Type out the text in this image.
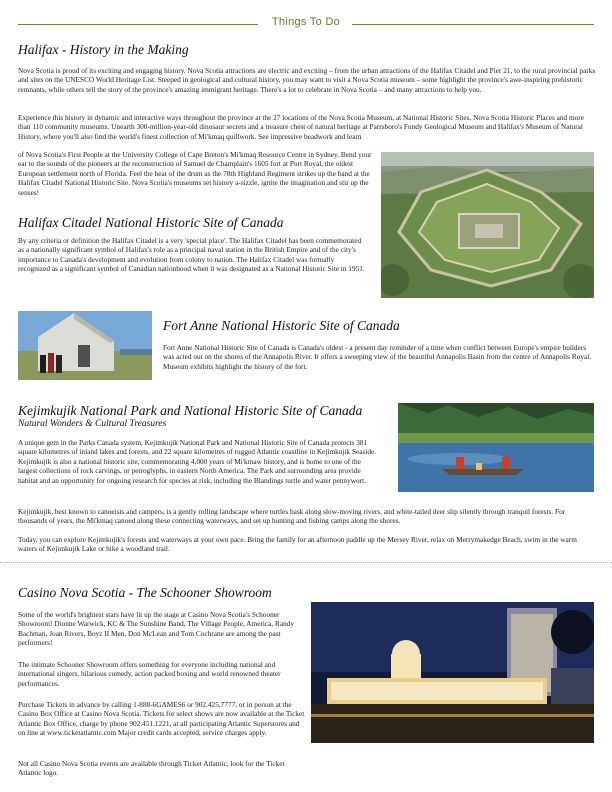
Things To Do
Halifax - History in the Making

Nova Scotia is proud of its exciting and engaging history. Nova Scotia attractions are electric and exciting – from the urban attractions of the Halifax Citadel and Pier 21, to the rural provincial parks and sites on the UNESCO World Heritage List. Steeped in geological and cultural history, you may want to visit a Nova Scotia museum – some highlight the province's awe-inspiring prehistoric remnants, while others tell the story of the province's amazing immigrant heritage. There's a lot to celebrate in Nova Scotia – and many attractions to help you.

Experience this history in dynamic and interactive ways throughout the province at the 27 locations of the Nova Scotia Museum, at National Historic Sites, Nova Scotia Historic Places and more than 110 community museums. Unearth 300-million-year-old dinosaur secrets and a treasure chest of natural heritage at Parrsboro's Fundy Geological Museum and Halifax's Museum of Natural History, where you'll also find the world's finest collection of Mi'kmaq quillwork. See impressive beadwork and learn

of Nova Scotia's First People at the University College of Cape Breton's Mi'kmaq Resource Centre in Sydney. Bend your ear to the sounds of the pioneers at the reconstruction of Samuel de Champlain's 1605 fort at Port Royal, the oldest European settlement north of Florida. Feel the beat of the drum as the 78th Highland Regiment strikes up the band at the Halifax Citadel National Historic Site. Nova Scotia's museums set history a-sizzle, ignite the imagination and stir up the senses!

Halifax Citadel National Historic Site of Canada

By any criteria or definition the Halifax Citadel is a very 'special place'. The Halifax Citadel has been commemorated as a nationally significant symbol of Halifax's role as a principal naval station in the British Empire and of the city's importance to Canada's development and evolution from colony to nation. The Halifax Citadel was formally recognized as a significant symbol of Canadian nationhood when it was designated as a National Historic Site in 1951.

Fort Anne National Historic Site of Canada

Fort Anne National Historic Site of Canada is Canada's oldest - a present day reminder of a time when conflict between Europe's empire builders was acted out on the shores of the Annapolis River. It offers a sweeping view of the beautiful Annapolis Basin from the centre of Annapolis Royal. Museum exhibits highlight the history of the fort.

Kejimkujik National Park and National Historic Site of Canada
Natural Wonders & Cultural Treasures

A unique gem in the Parks Canada system, Kejimkujik National Park and National Historic Site of Canada protects 381 square kilometres of inland lakes and forests, and 22 square kilometres of rugged Atlantic coastline in Kejimkujik Seaside. Kejimkujik is also a national historic site, commemorating 4,000 years of Mi'kmaw history, and is home to one of the largest collections of rock carvings, or petroglyphs, in eastern North America. The Park and surrounding area provide habitat and an opportunity for ongoing research for species at risk, including the Blandings turtle and water pennywort.

Kejimkujik, best known to canoeists and campers, is a gently rolling landscape where turtles bask along slow-moving rivers, and white-tailed deer slip silently through tranquil forests. For thousands of years, the Mi'kmaq canoed along these connecting waterways, and set up hunting and fishing camps along the shores.

Today, you can explore Kejimkujik's forests and waterways at your own pace. Bring the family for an afternoon paddle up the Mersey River, relax on Merrymakedge Beach, swim in the warm waters of Kejimkujik Lake or hike a woodland trail.

Casino Nova Scotia - The Schooner Showroom

Some of the world's brightest stars have lit up the stage at Casino Nova Scotia's Schooner Showroom! Dionne Warwick, KC & The Sunshine Band, The Village People, America, Randy Bachman, Joan Rivers, Boyz II Men, Don McLean and Tom Cochrane are among the past performers!

The intimate Schooner Showroom offers something for everyone including national and international singers, hilarious comedy, action packed boxing and world renowned theater performances.

Purchase Tickets in advance by calling 1-888-6GAMES6 or 902.425.7777, or in person at the Casino Box Office at Casino Nova Scotia. Tickets for select shows are now available at the Ticket Atlantic Box Office, charge by phone 902.451.1221, at all participating Atlantic Superstores and on line at www.ticketatlantic.com Major credit cards accepted, service charges apply.

Not all Casino Nova Scotia events are available through Ticket Atlantic, look for the Ticket Atlantic logo.
